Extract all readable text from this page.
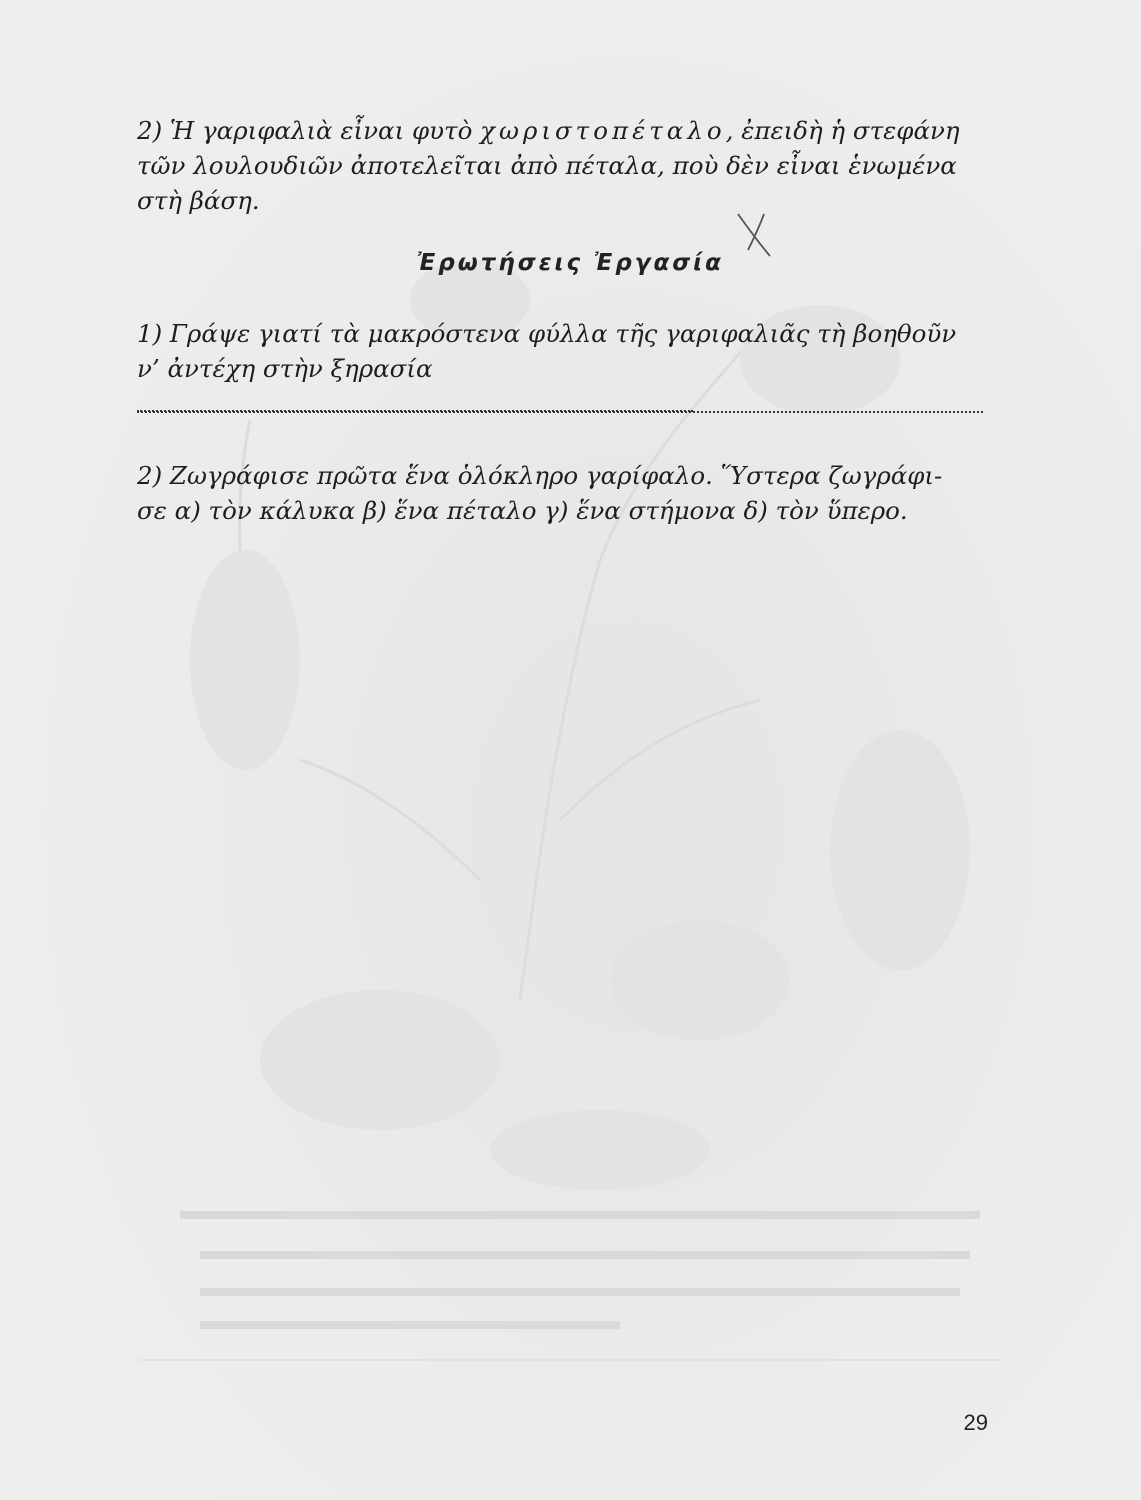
2) Ἡ γαριφαλιὰ εἶναι φυτὸ χωριστοπέταλο, ἐπειδὴ ἡ στεφάνη τῶν λουλουδιῶν ἀποτελεῖται ἀπὸ πέταλα, ποὺ δὲν εἶναι ἑνωμένα στὴ βάση.

Ἐρωτήσεις Ἐργασία

1) Γράψε γιατί τὰ μακρόστενα φύλλα τῆς γαριφαλιᾶς τὴ βοηθοῦν
ν’ ἀντέχη στὴν ξηρασία

2) Ζωγράφισε πρῶτα ἕνα ὁλόκληρο γαρίφαλο. Ὕστερα ζωγράφι-
σε α) τὸν κάλυκα β) ἕνα πέταλο γ) ἕνα στήμονα δ) τὸν ὕπερο.

29
